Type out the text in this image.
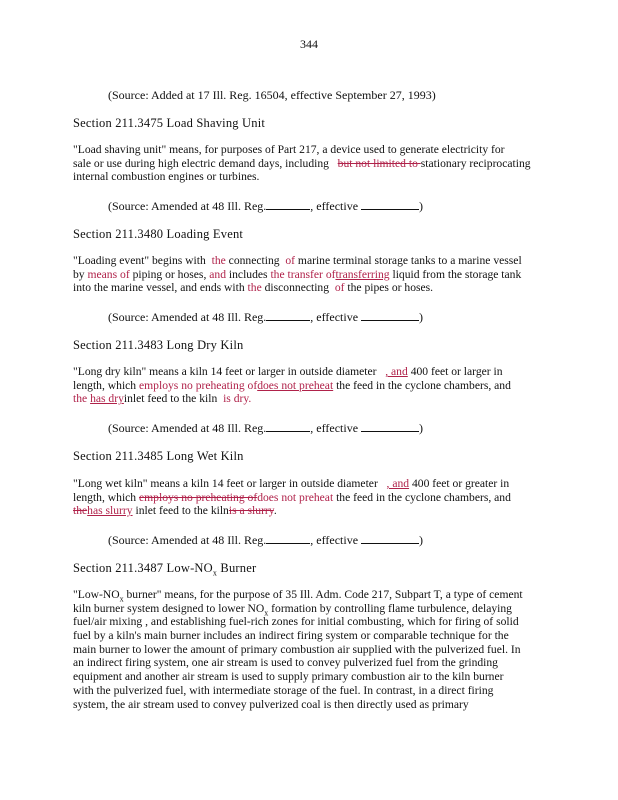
344
(Source: Added at 17 Ill. Reg. 16504, effective September 27, 1993)
Section 211.3475 Load Shaving Unit
"Load shaving unit" means, for purposes of Part 217, a device used to generate electricity for
sale or use during high electric demand days, including but not limited to stationary reciprocating
internal combustion engines or turbines.
(Source: Amended at 48 Ill. Reg.	, effective	)
Section 211.3480 Loading Event
"Loading event" begins with the connecting of marine terminal storage tanks to a marine vessel
by means of piping or hoses, and includes the transfer oftransferring liquid from the storage tank
into the marine vessel, and ends with the disconnecting of the pipes or hoses.
(Source: Amended at 48 Ill. Reg.	, effective	)
Section 211.3483 Long Dry Kiln
"Long dry kiln" means a kiln 14 feet or larger in outside diameter , and 400 feet or larger in
length, which employs no preheating ofdoes not preheat the feed in the cyclone chambers, and
the has dryinlet feed to the kiln is dry.
(Source: Amended at 48 Ill. Reg.	, effective	)
Section 211.3485 Long Wet Kiln
"Long wet kiln" means a kiln 14 feet or larger in outside diameter , and 400 feet or greater in
length, which employs no preheating ofdoes not preheat the feed in the cyclone chambers, and
thehas slurry inlet feed to the kilnis a slurry.
(Source: Amended at 48 Ill. Reg.	, effective	)
Section 211.3487 Low-$NO_x$ Burner
"$Low-NO_x$ burner" means, for the purpose of 35 Ill. Adm. Code 217, Subpart T, a type of cement
kiln burner system designed to lower $NO_x$ formation by controlling flame turbulence, delaying
fuel/air mixing , and establishing fuel-rich zones for initial combusting, which for firing of solid
fuel by a kiln's main burner includes an indirect firing system or comparable technique for the
main burner to lower the amount of primary combustion air supplied with the pulverized fuel. In
an indirect firing system, one air stream is used to convey pulverized fuel from the grinding
equipment and another air stream is used to supply primary combustion air to the kiln burner
with the pulverized fuel, with intermediate storage of the fuel. In contrast, in a direct firing
system, the air stream used to convey pulverized coal is then directly used as primary
